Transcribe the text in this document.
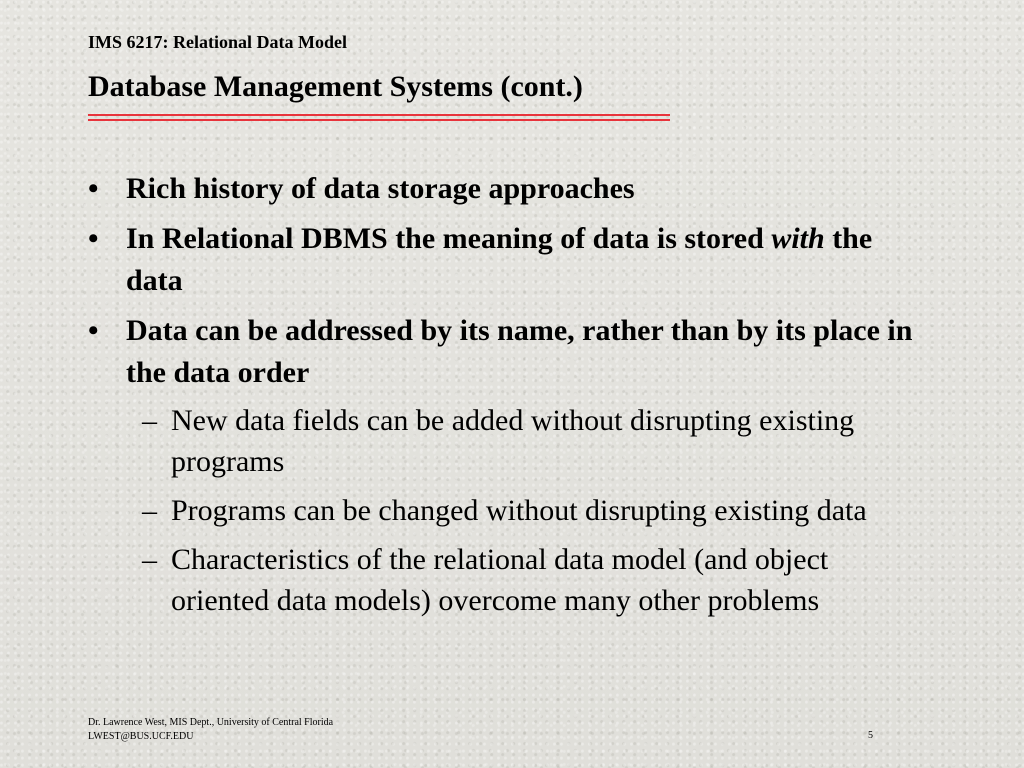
IMS 6217: Relational Data Model
Database Management Systems (cont.)
• Rich history of data storage approaches
• In Relational DBMS the meaning of data is stored with the data
• Data can be addressed by its name, rather than by its place in the data order
– New data fields can be added without disrupting existing programs
– Programs can be changed without disrupting existing data
– Characteristics of the relational data model (and object oriented data models) overcome many other problems
Dr. Lawrence West, MIS Dept., University of Central Florida
LWEST@BUS.UCF.EDU	5
